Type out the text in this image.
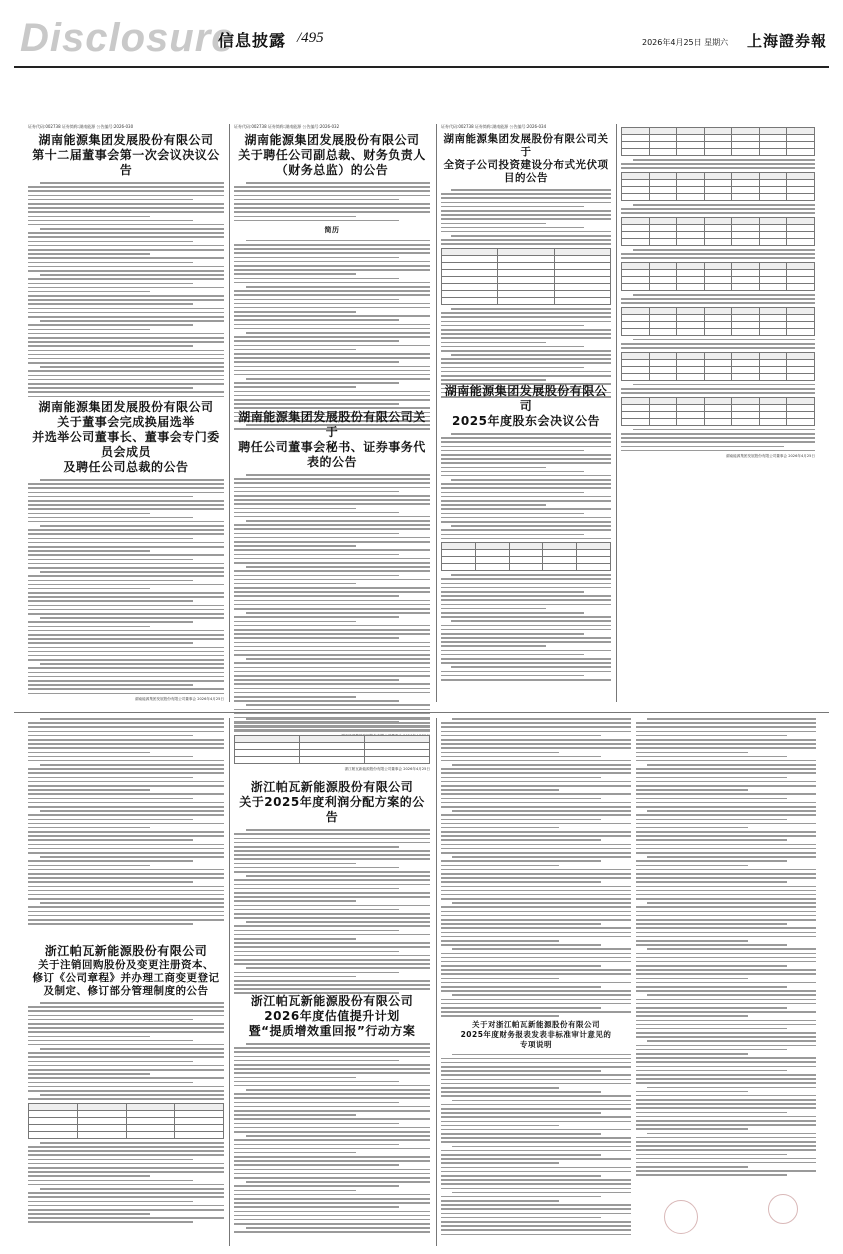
Disclosure
信息披露 /495	2026年4月25日 星期六 上海證券報
证券代码:002738 证券简称:湖南能源 公告编号:2026-030
湖南能源集团发展股份有限公司
第十二届董事会第一次会议决议公告
湖南能源集团发展股份有限公司
关于董事会完成换届选举
并选举公司董事长、董事会专门委员会成员
及聘任公司总裁的公告
湖南能源集团发展股份有限公司董事会 2026年4月25日
证券代码:002738 证券简称:湖南能源 公告编号:2026-032
湖南能源集团发展股份有限公司
关于聘任公司副总裁、财务负责人
（财务总监）的公告
简历
湖南能源集团发展股份有限公司关于
聘任公司董事会秘书、证券事务代表的公告
证券代码:002738 证券简称:湖南能源 公告编号:2026-034
湖南能源集团发展股份有限公司关于
全资子公司投资建设分布式光伏项目的公告

湖南能源集团发展股份有限公司
2025年度股东会决议公告

湖南能源集团发展股份有限公司董事会 2026年4月25日
浙江帕瓦新能源股份有限公司
关于注销回购股份及变更注册资本、
修订《公司章程》并办理工商变更登记
及制定、修订部分管理制度的公告

浙江帕瓦新能源股份有限公司董事会 2026年4月25日
浙江帕瓦新能源股份有限公司
关于2025年度利润分配方案的公告
浙江帕瓦新能源股份有限公司
2026年度估值提升计划
暨“提质增效重回报”行动方案	关于对浙江帕瓦新能源股份有限公司
2025年度财务报表发表非标准审计意见的
专项说明
